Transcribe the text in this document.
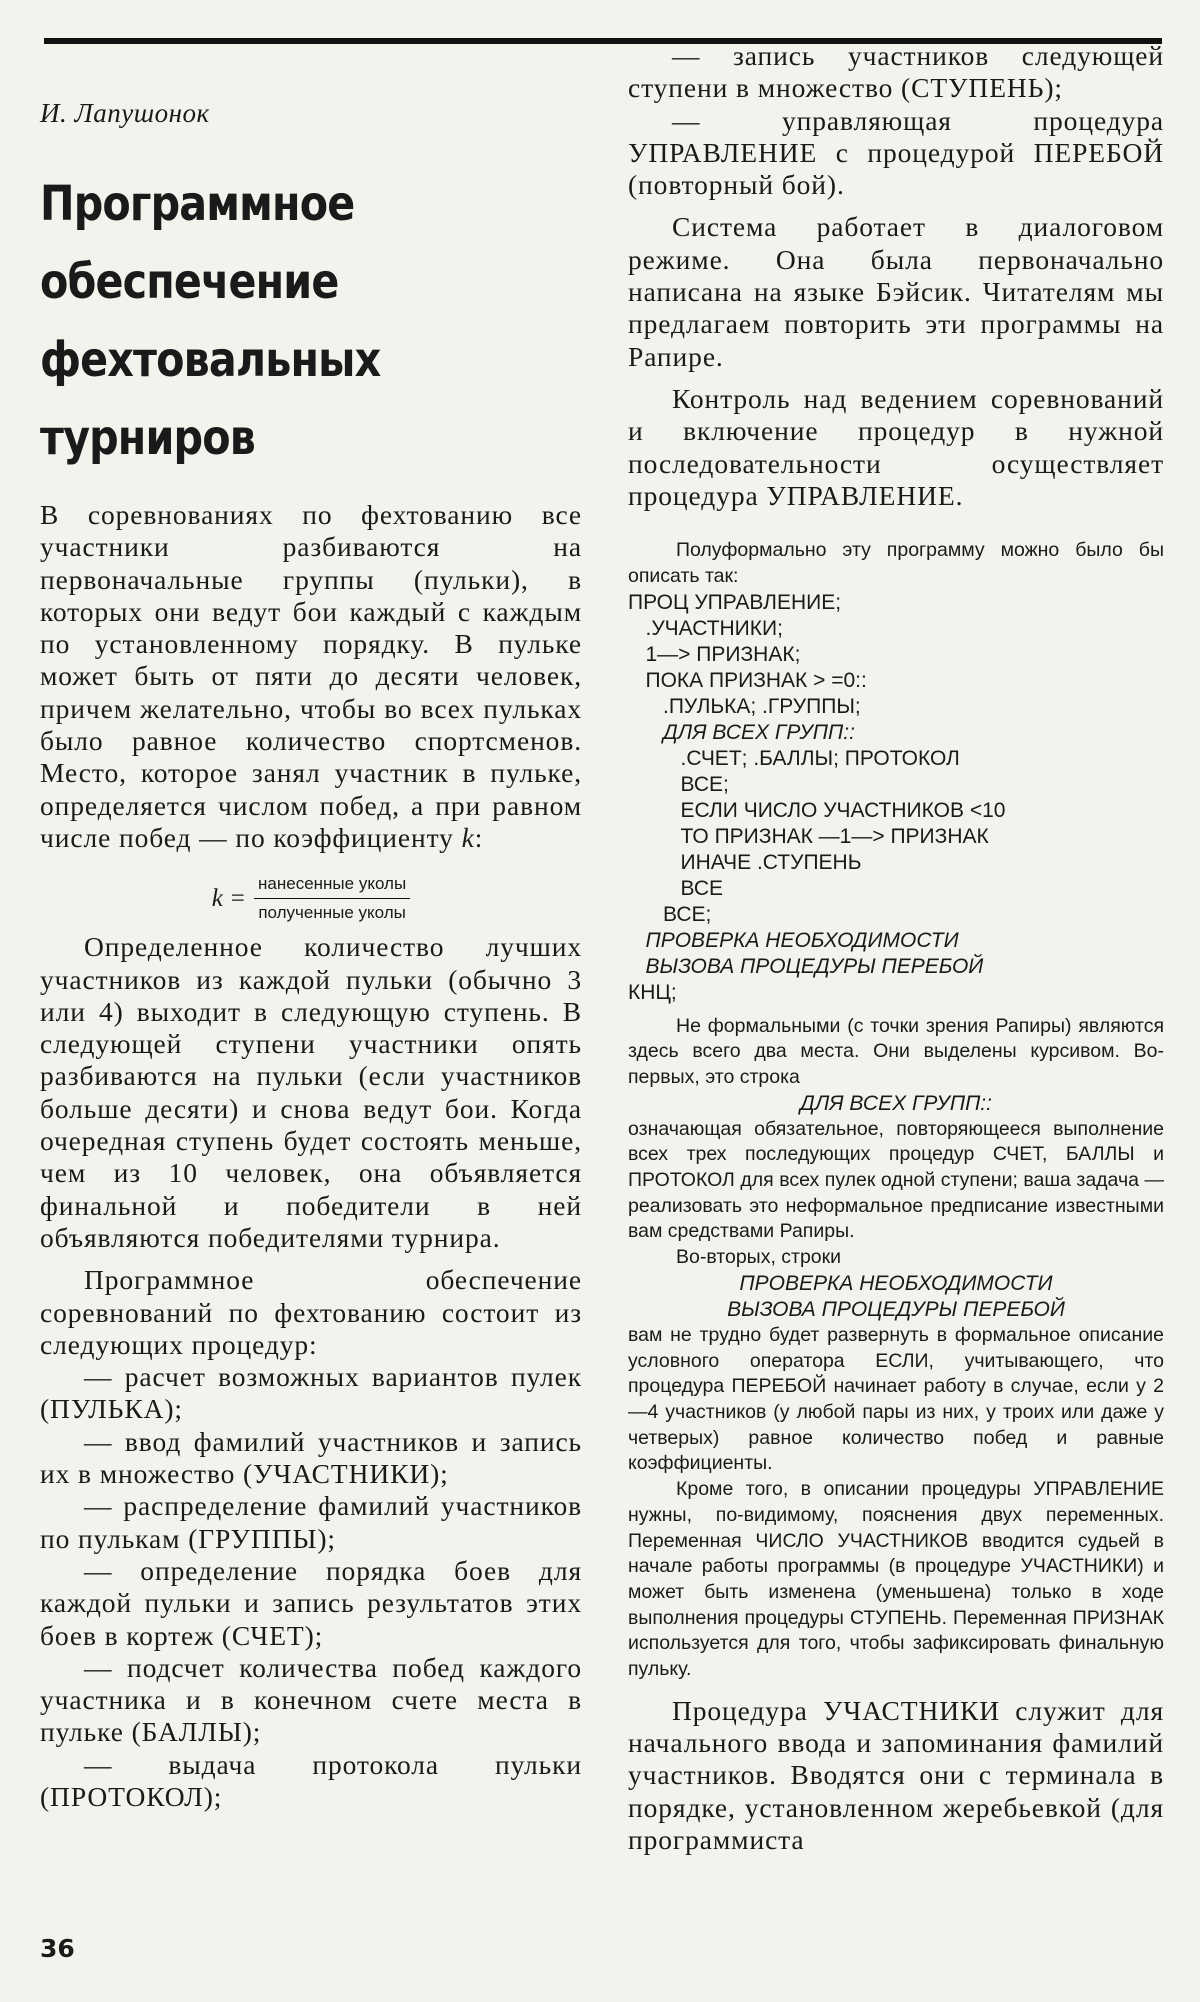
И. Лапушонок
Программное
обеспечение
фехтовальных
турниров

В соревнованиях по фехтованию все участники разбиваются на первоначальные группы (пульки), в которых они ведут бои каждый с каждым по установленному порядку. В пульке может быть от пяти до десяти человек, причем желательно, чтобы во всех пульках было равное количество спортсменов. Место, которое занял участник в пульке, определяется числом побед, а при равном числе побед — по коэффициенту k:

$k = \frac{\text{нанесенные уколы}}{\text{полученные уколы}}$

Определенное количество лучших участников из каждой пульки (обычно 3 или 4) выходит в следующую ступень. В следующей ступени участники опять разбиваются на пульки (если участников больше десяти) и снова ведут бои. Когда очередная ступень будет состоять меньше, чем из 10 человек, она объявляется финальной и победители в ней объявляются победителями турнира.

Программное обеспечение соревнований по фехтованию состоит из следующих процедур:

— расчет возможных вариантов пулек (ПУЛЬКА);

— ввод фамилий участников и запись их в множество (УЧАСТНИКИ);

— распределение фамилий участников по пулькам (ГРУППЫ);

— определение порядка боев для каждой пульки и запись результатов этих боев в кортеж (СЧЕТ);

— подсчет количества побед каждого участника и в конечном счете места в пульке (БАЛЛЫ);

— выдача протокола пульки (ПРОТОКОЛ);

— запись участников следующей ступени в множество (СТУПЕНЬ);

— управляющая процедура УПРАВЛЕНИЕ с процедурой ПЕРЕБОЙ (повторный бой).

Система работает в диалоговом режиме. Она была первоначально написана на языке Бэйсик. Читателям мы предлагаем повторить эти программы на Рапире.

Контроль над ведением соревнований и включение процедур в нужной последовательности осуществляет процедура УПРАВЛЕНИЕ.

Полуформально эту программу можно было бы описать так:

ПРОЦ УПРАВЛЕНИЕ;

.УЧАСТНИКИ;

1—> ПРИЗНАК;

ПОКА ПРИЗНАК > =0::

.ПУЛЬКА; .ГРУППЫ;

ДЛЯ ВСЕХ ГРУПП::

.СЧЕТ; .БАЛЛЫ; ПРОТОКОЛ

ВСЕ;

ЕСЛИ ЧИСЛО УЧАСТНИКОВ <10

ТО ПРИЗНАК —1—> ПРИЗНАК

ИНАЧЕ .СТУПЕНЬ

ВСЕ

ВСЕ;

ПРОВЕРКА НЕОБХОДИМОСТИ

ВЫЗОВА ПРОЦЕДУРЫ ПЕРЕБОЙ

КНЦ;

Не формальными (с точки зрения Рапиры) являются здесь всего два места. Они выделены курсивом. Во-первых, это строка

ДЛЯ ВСЕХ ГРУПП::

означающая обязательное, повторяющееся выполнение всех трех последующих процедур СЧЕТ, БАЛЛЫ и ПРОТОКОЛ для всех пулек одной ступени; ваша задача — реализовать это неформальное предписание известными вам средствами Рапиры.

Во-вторых, строки

ПРОВЕРКА НЕОБХОДИМОСТИ

ВЫЗОВА ПРОЦЕДУРЫ ПЕРЕБОЙ

вам не трудно будет развернуть в формальное описание условного оператора ЕСЛИ, учитывающего, что процедура ПЕРЕБОЙ начинает работу в случае, если у 2—4 участников (у любой пары из них, у троих или даже у четверых) равное количество побед и равные коэффициенты.

Кроме того, в описании процедуры УПРАВЛЕНИЕ нужны, по-видимому, пояснения двух переменных. Переменная ЧИСЛО УЧАСТНИКОВ вводится судьей в начале работы программы (в процедуре УЧАСТНИКИ) и может быть изменена (уменьшена) только в ходе выполнения процедуры СТУПЕНЬ. Переменная ПРИЗНАК используется для того, чтобы зафиксировать финальную пульку.

Процедура УЧАСТНИКИ служит для начального ввода и запоминания фамилий участников. Вводятся они с терминала в порядке, установленном жеребьевкой (для программиста

36
